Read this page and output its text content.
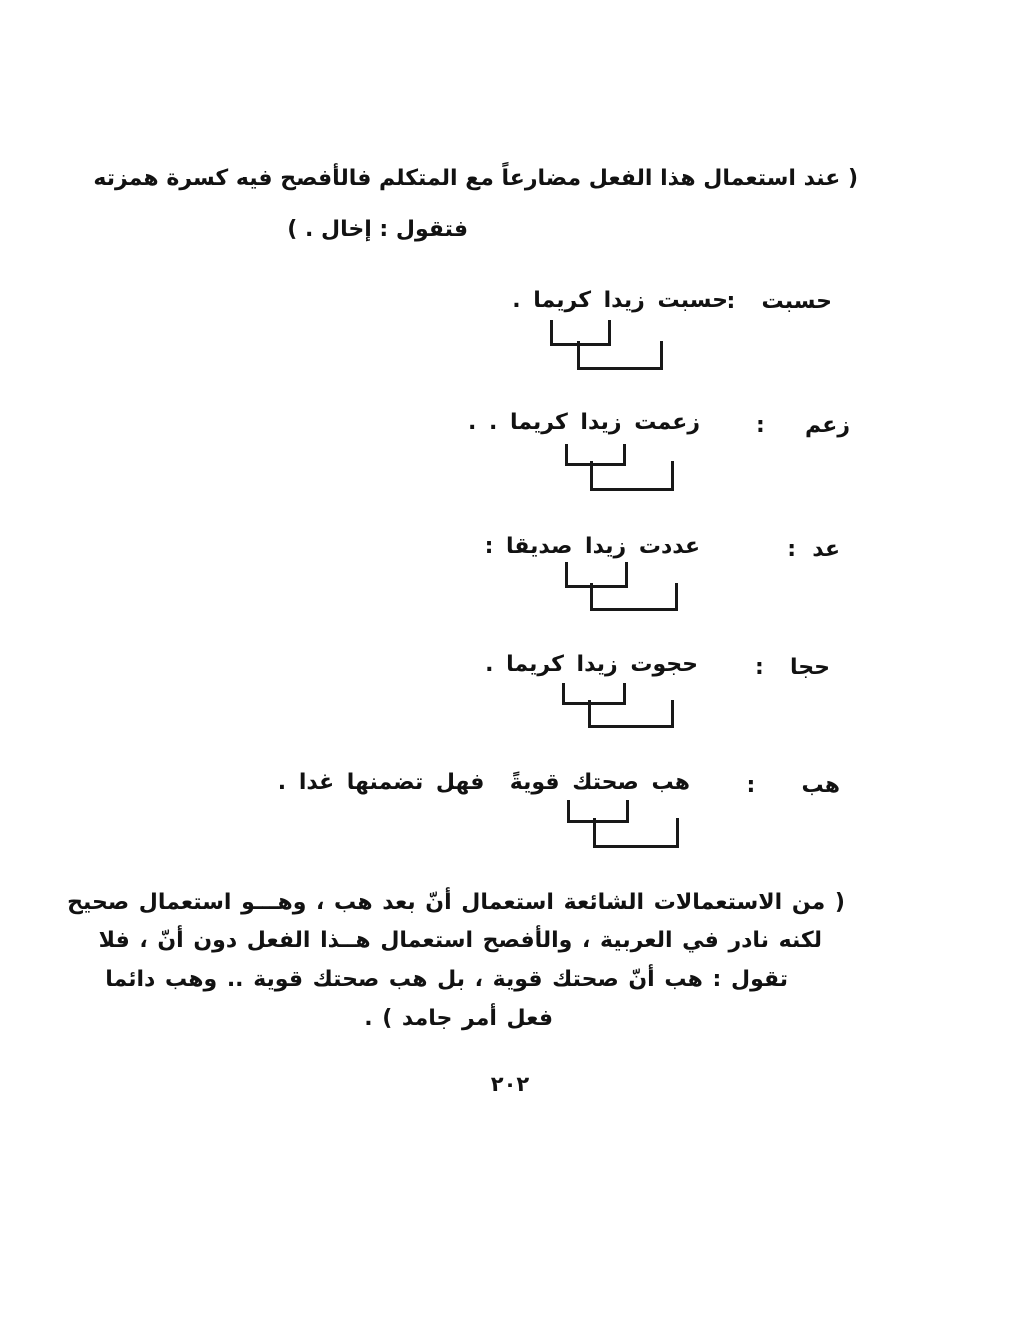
( عند استعمال هذا الفعل مضارعاً مع المتكلم فالأفصح فيه كسرة همزته
فتقول : إخال . )
حسبت:
حسبت زيدا كريما .
زعم:
زعمت زيدا كريما . .
عد:
عددت زيدا صديقا :
حجا:
حجوت زيدا كريما .
هب:
هب صحتك قويةً  فهل تضمنها غدا .
( من الاستعمالات الشائعة استعمال أنّ بعد هب ، وهـــو استعمال صحيح
لكنه نادر في العربية ، والأفصح استعمال هــذا الفعل دون أنّ ، فلا
تقول : هب أنّ صحتك قوية ، بل هب صحتك قوية .. وهب دائما
فعل أمر جامد ) .
٢٠٢
